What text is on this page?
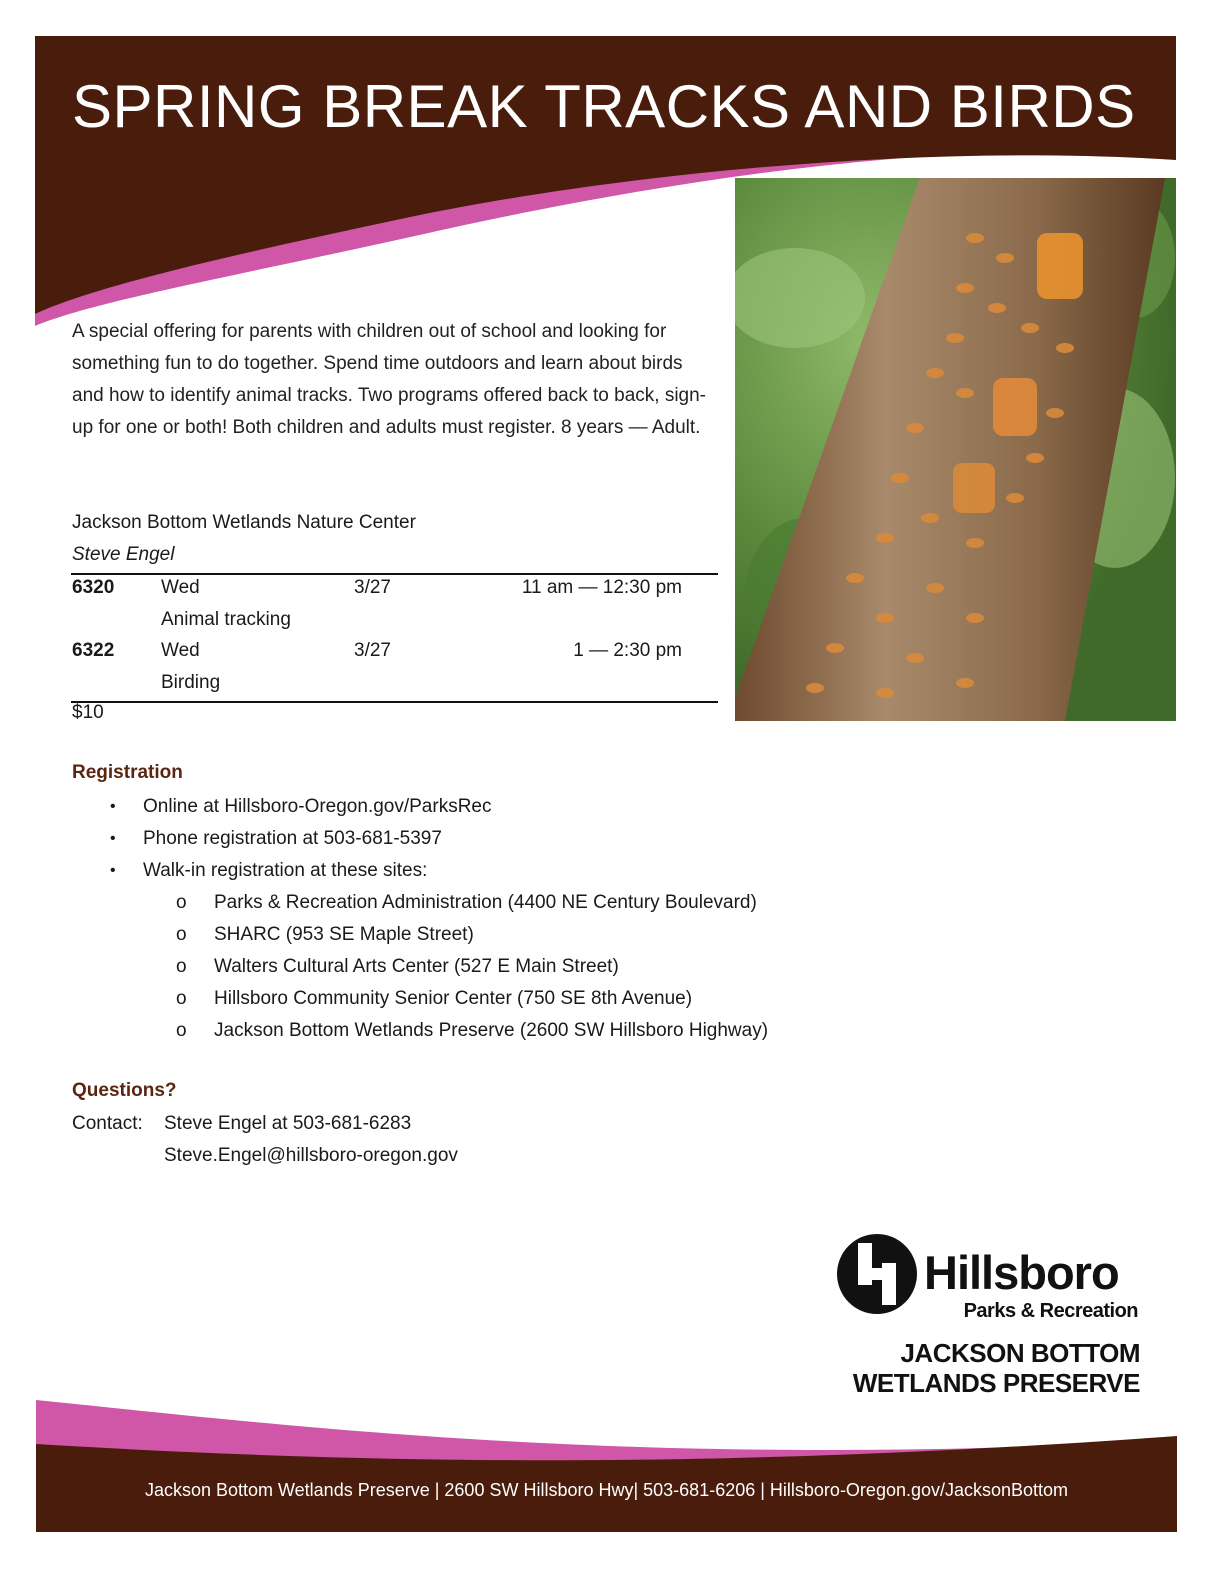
SPRING BREAK TRACKS AND BIRDS

A special offering for parents with children out of school and looking for something fun to do together. Spend time outdoors and learn about birds and how to identify animal tracks. Two programs offered back to back, sign-up for one or both! Both children and adults must register. 8 years — Adult.

Jackson Bottom Wetlands Nature Center
Steve Engel
6320 Wed	3/27	11 am — 12:30 pm
Animal tracking
6322 Wed	3/27	1 — 2:30 pm
Birding
$10
Registration
• Online at Hillsboro-Oregon.gov/ParksRec
• Phone registration at 503-681-5397
• Walk-in registration at these sites:
o Parks & Recreation Administration (4400 NE Century Boulevard)
o SHARC (953 SE Maple Street)
o Walters Cultural Arts Center (527 E Main Street)
o Hillsboro Community Senior Center (750 SE 8th Avenue)
o Jackson Bottom Wetlands Preserve (2600 SW Hillsboro Highway)
Questions?
Contact: Steve Engel at 503-681-6283
Steve.Engel@hillsboro-oregon.gov
Hillsboro
Parks & Recreation
JACKSON BOTTOM
WETLANDS PRESERVE
Jackson Bottom Wetlands Preserve | 2600 SW Hillsboro Hwy| 503-681-6206 | Hillsboro-Oregon.gov/JacksonBottom
